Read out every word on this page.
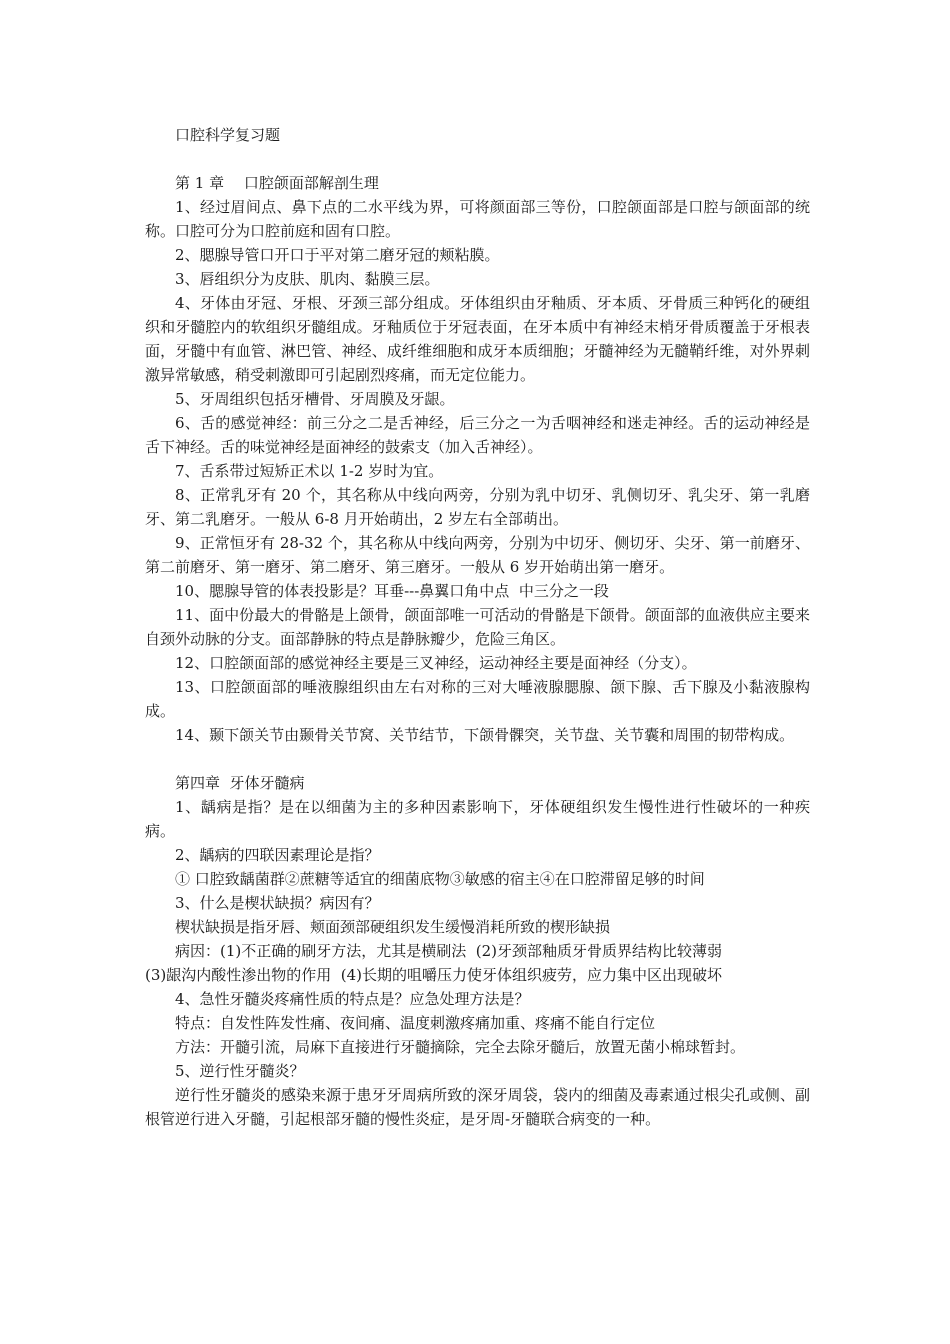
口腔科学复习题
第 1 章　 口腔颌面部解剖生理
1、经过眉间点、鼻下点的二水平线为界，可将颜面部三等份，口腔颌面部是口腔与颌面部的统称。口腔可分为口腔前庭和固有口腔。
2、腮腺导管口开口于平对第二磨牙冠的颊粘膜。
3、唇组织分为皮肤、肌肉、黏膜三层。
4、牙体由牙冠、牙根、牙颈三部分组成。牙体组织由牙釉质、牙本质、牙骨质三种钙化的硬组织和牙髓腔内的软组织牙髓组成。牙釉质位于牙冠表面，在牙本质中有神经末梢牙骨质覆盖于牙根表面，牙髓中有血管、淋巴管、神经、成纤维细胞和成牙本质细胞；牙髓神经为无髓鞘纤维，对外界刺激异常敏感，稍受刺激即可引起剧烈疼痛，而无定位能力。
5、牙周组织包括牙槽骨、牙周膜及牙龈。
6、舌的感觉神经：前三分之二是舌神经，后三分之一为舌咽神经和迷走神经。舌的运动神经是舌下神经。舌的味觉神经是面神经的鼓索支（加入舌神经）。
7、舌系带过短矫正术以 1-2 岁时为宜。
8、正常乳牙有 20 个，其名称从中线向两旁，分别为乳中切牙、乳侧切牙、乳尖牙、第一乳磨牙、第二乳磨牙。一般从 6-8 月开始萌出，2 岁左右全部萌出。
9、正常恒牙有 28-32 个，其名称从中线向两旁，分别为中切牙、侧切牙、尖牙、第一前磨牙、第二前磨牙、第一磨牙、第二磨牙、第三磨牙。一般从 6 岁开始萌出第一磨牙。
10、腮腺导管的体表投影是？耳垂---鼻翼口角中点  中三分之一段
11、面中份最大的骨骼是上颌骨，颌面部唯一可活动的骨骼是下颌骨。颌面部的血液供应主要来自颈外动脉的分支。面部静脉的特点是静脉瓣少，危险三角区。
12、口腔颌面部的感觉神经主要是三叉神经，运动神经主要是面神经（分支）。
13、口腔颌面部的唾液腺组织由左右对称的三对大唾液腺腮腺、颌下腺、舌下腺及小黏液腺构成。
14、颞下颌关节由颞骨关节窝、关节结节，下颌骨髁突，关节盘、关节囊和周围的韧带构成。
第四章  牙体牙髓病
1、龋病是指？是在以细菌为主的多种因素影响下，牙体硬组织发生慢性进行性破坏的一种疾病。
2、龋病的四联因素理论是指？
① 口腔致龋菌群②蔗糖等适宜的细菌底物③敏感的宿主④在口腔滞留足够的时间
3、什么是楔状缺损？病因有？
楔状缺损是指牙唇、颊面颈部硬组织发生缓慢消耗所致的楔形缺损
病因：(1)不正确的刷牙方法，尤其是横刷法  (2)牙颈部釉质牙骨质界结构比较薄弱
(3)龈沟内酸性渗出物的作用  (4)长期的咀嚼压力使牙体组织疲劳，应力集中区出现破坏
4、急性牙髓炎疼痛性质的特点是？应急处理方法是？
特点：自发性阵发性痛、夜间痛、温度刺激疼痛加重、疼痛不能自行定位
方法：开髓引流，局麻下直接进行牙髓摘除，完全去除牙髓后，放置无菌小棉球暂封。
5、逆行性牙髓炎？
逆行性牙髓炎的感染来源于患牙牙周病所致的深牙周袋，袋内的细菌及毒素通过根尖孔或侧、副根管逆行进入牙髓，引起根部牙髓的慢性炎症，是牙周-牙髓联合病变的一种。
